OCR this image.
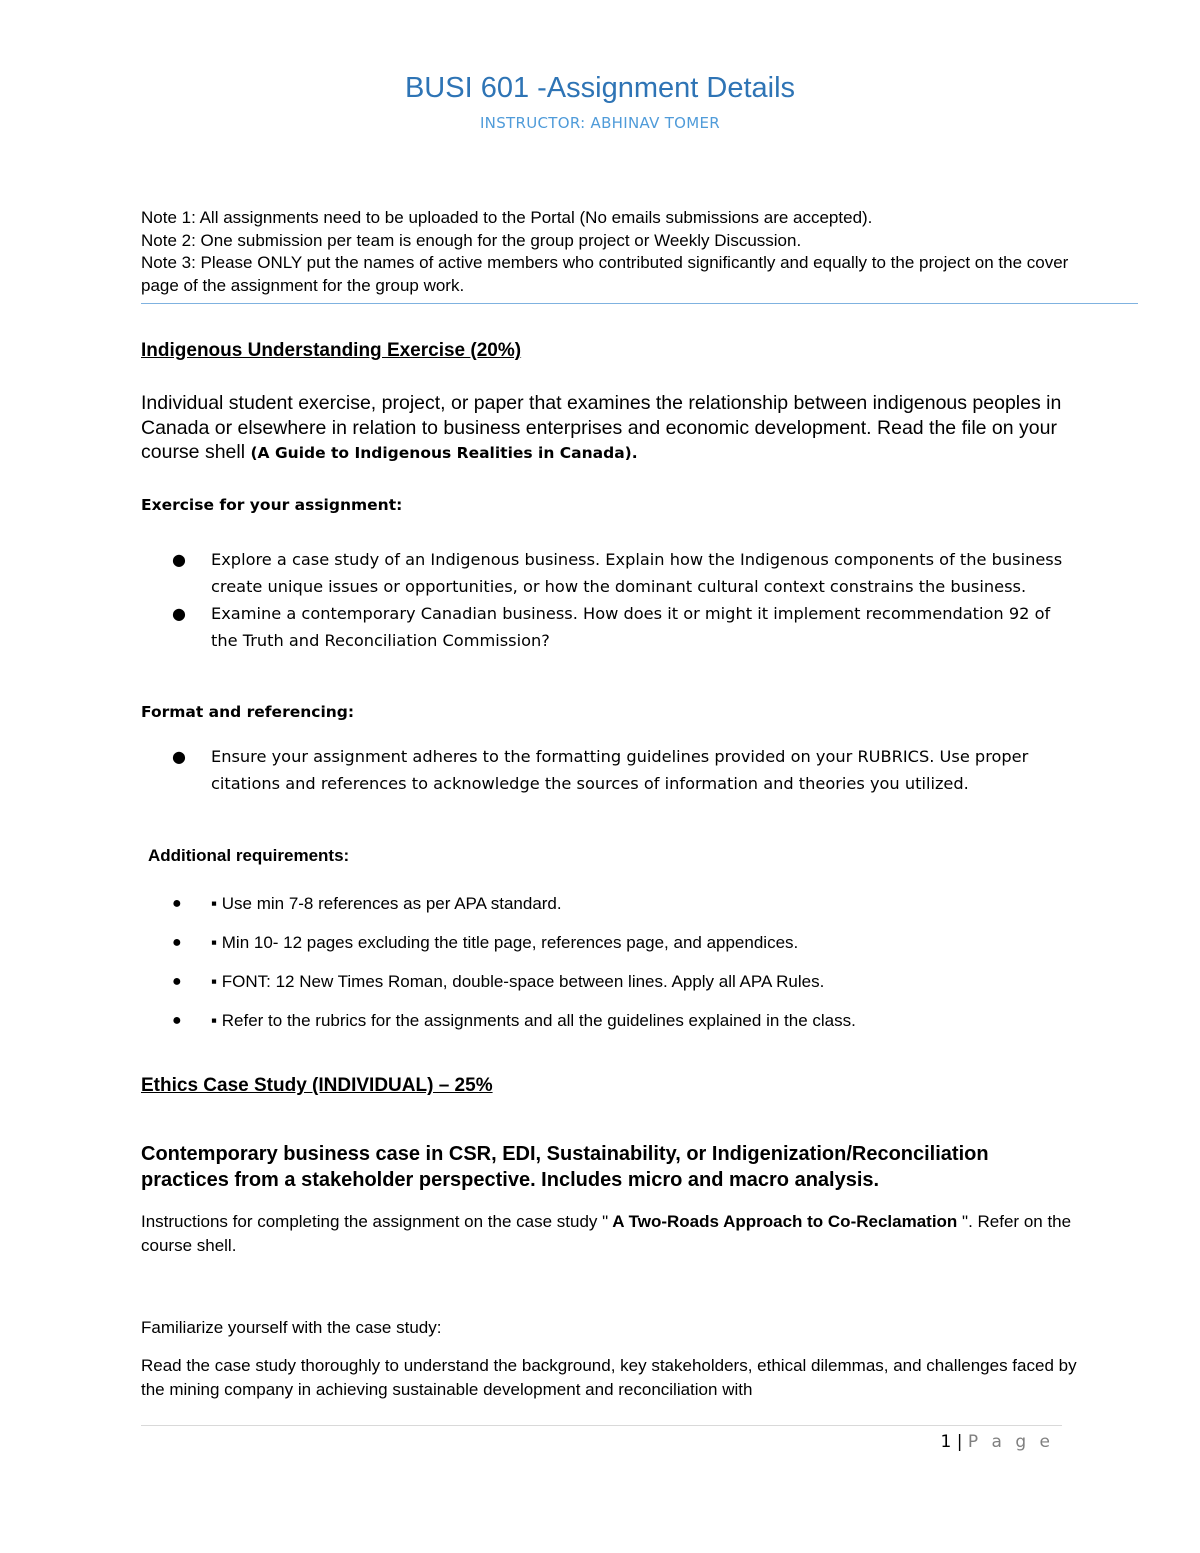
BUSI 601 -Assignment Details
INSTRUCTOR: ABHINAV TOMER
Note 1: All assignments need to be uploaded to the Portal (No emails submissions are accepted).
Note 2: One submission per team is enough for the group project or Weekly Discussion.
Note 3: Please ONLY put the names of active members who contributed significantly and equally to the project on the cover page of the assignment for the group work.
Indigenous Understanding Exercise (20%)
Individual student exercise, project, or paper that examines the relationship between indigenous peoples in Canada or elsewhere in relation to business enterprises and economic development. Read the file on your course shell (A Guide to Indigenous Realities in Canada).
Exercise for your assignment:
● Explore a case study of an Indigenous business. Explain how the Indigenous components of the business create unique issues or opportunities, or how the dominant cultural context constrains the business.
● Examine a contemporary Canadian business. How does it or might it implement recommendation 92 of the Truth and Reconciliation Commission?
Format and referencing:
● Ensure your assignment adheres to the formatting guidelines provided on your RUBRICS. Use proper citations and references to acknowledge the sources of information and theories you utilized.
Additional requirements:
● ▪ Use min 7-8 references as per APA standard.
● ▪ Min 10- 12 pages excluding the title page, references page, and appendices.
● ▪ FONT: 12 New Times Roman, double-space between lines. Apply all APA Rules.
● ▪ Refer to the rubrics for the assignments and all the guidelines explained in the class.
Ethics Case Study (INDIVIDUAL) – 25%
Contemporary business case in CSR, EDI, Sustainability, or Indigenization/Reconciliation practices from a stakeholder perspective. Includes micro and macro analysis.
Instructions for completing the assignment on the case study " A Two-Roads Approach to Co-Reclamation ". Refer on the course shell.
Familiarize yourself with the case study:
Read the case study thoroughly to understand the background, key stakeholders, ethical dilemmas, and challenges faced by the mining company in achieving sustainable development and reconciliation with
1 | P a g e
